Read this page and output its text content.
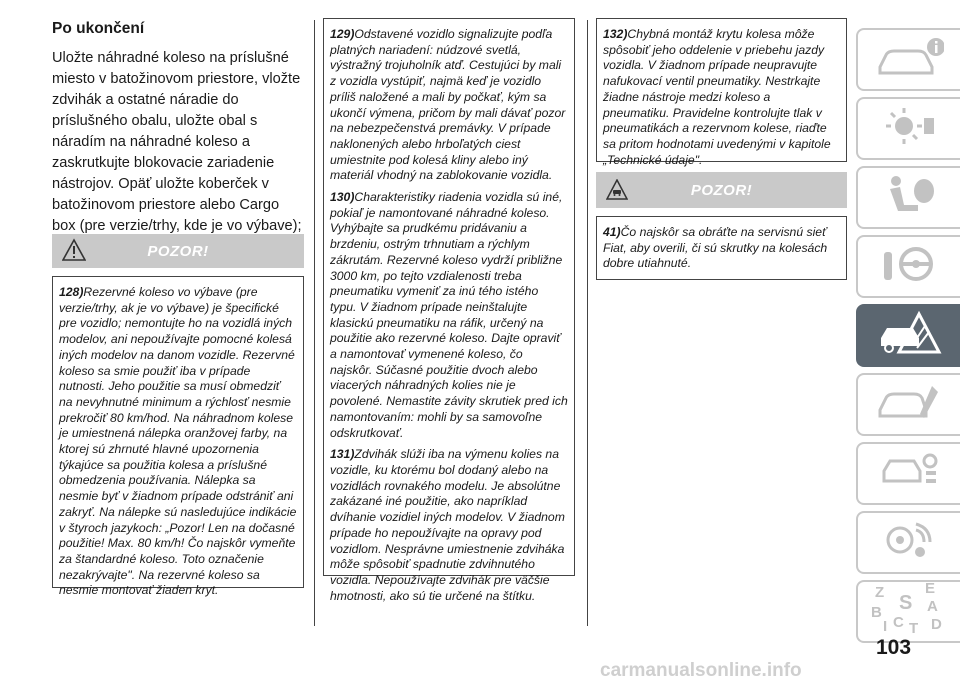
Po ukončení

Uložte náhradné koleso na príslušné miesto v batožinovom priestore, vložte zdvihák a ostatné náradie do príslušného obalu, uložte obal s náradím na náhradné koleso a zaskrutkujte blokovacie zariadenie nástrojov. Opäť uložte koberček v batožinovom priestore alebo Cargo box (pre verzie/trhy, kde je vo výbave);

POZOR!

128)Rezervné koleso vo výbave (pre verzie/trhy, ak je vo výbave) je špecifické pre vozidlo; nemontujte ho na vozidlá iných modelov, ani nepoužívajte pomocné kolesá iných modelov na danom vozidle. Rezervné koleso sa smie použiť iba v prípade nutnosti. Jeho použitie sa musí obmedziť na nevyhnutné minimum a rýchlosť nesmie prekročiť 80 km/hod. Na náhradnom kolese je umiestnená nálepka oranžovej farby, na ktorej sú zhrnuté hlavné upozornenia týkajúce sa použitia kolesa a príslušné obmedzenia používania. Nálepka sa nesmie byť v žiadnom prípade odstrániť ani zakryť. Na nálepke sú nasledujúce indikácie v štyroch jazykoch: „Pozor! Len na dočasné použitie! Max. 80 km/h! Čo najskôr vymeňte za štandardné koleso. Toto označenie nezakrývajte". Na rezervné koleso sa nesmie montovať žiaden kryt.

129)Odstavené vozidlo signalizujte podľa platných nariadení: núdzové svetlá, výstražný trojuholník atď. Cestujúci by mali z vozidla vystúpiť, najmä keď je vozidlo príliš naložené a mali by počkať, kým sa ukončí výmena, pričom by mali dávať pozor na nebezpečenstvá premávky. V prípade naklonených alebo hrboľatých ciest umiestnite pod kolesá kliny alebo iný materiál vhodný na zablokovanie vozidla.

130)Charakteristiky riadenia vozidla sú iné, pokiaľ je namontované náhradné koleso. Vyhýbajte sa prudkému pridávaniu a brzdeniu, ostrým trhnutiam a rýchlym zákrutám. Rezervné koleso vydrží približne 3000 km, po tejto vzdialenosti treba pneumatiku vymeniť za inú tého istého typu. V žiadnom prípade neinštalujte klasickú pneumatiku na ráfik, určený na použitie ako rezervné koleso. Dajte opraviť a namontovať vymenené koleso, čo najskôr. Súčasné použitie dvoch alebo viacerých náhradných kolies nie je povolené. Nemastite závity skrutiek pred ich namontovaním: mohli by sa samovoľne odskrutkovať.

131)Zdvihák slúži iba na výmenu kolies na vozidle, ku ktorému bol dodaný alebo na vozidlách rovnakého modelu. Je absolútne zakázané iné použitie, ako napríklad dvíhanie vozidiel iných modelov. V žiadnom prípade ho nepoužívajte na opravy pod vozidlom. Nesprávne umiestnenie zdviháka môže spôsobiť spadnutie zdvihnutého vozidla. Nepoužívajte zdvihák pre väčšie hmotnosti, ako sú tie určené na štítku.

132)Chybná montáž krytu kolesa môže spôsobiť jeho oddelenie v priebehu jazdy vozidla. V žiadnom prípade neupravujte nafukovací ventil pneumatiky. Nestrkajte žiadne nástroje medzi koleso a pneumatiku. Pravidelne kontrolujte tlak v pneumatikách a rezervnom kolese, riaďte sa pritom hodnotami uvedenými v kapitole „Technické údaje".

POZOR!

41)Čo najskôr sa obráťte na servisnú sieť Fiat, aby overili, či sú skrutky na kolesách dobre utiahnuté.

Z	E
S A
B
C T D
I
103
carmanualsonline.info
